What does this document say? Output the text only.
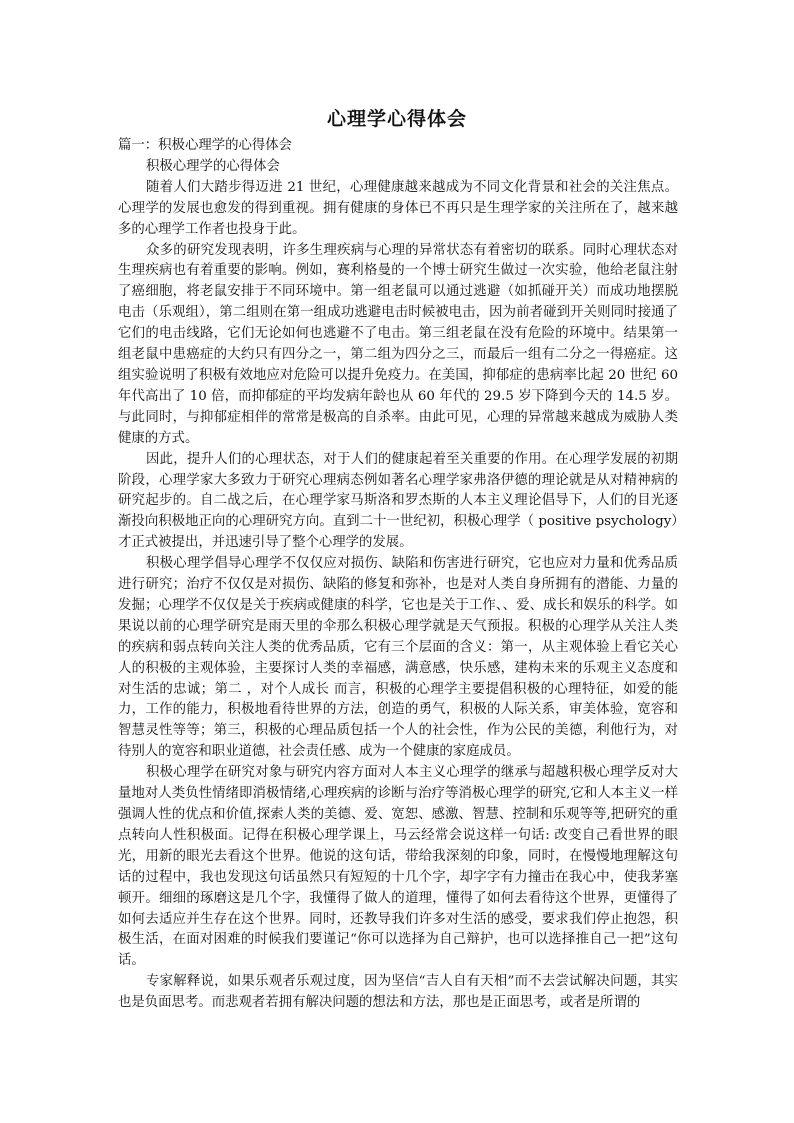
心理学心得体会

篇一：积极心理学的心得体会

积极心理学的心得体会

随着人们大踏步得迈进 21 世纪，心理健康越来越成为不同文化背景和社会的关注焦点。心理学的发展也愈发的得到重视。拥有健康的身体已不再只是生理学家的关注所在了，越来越多的心理学工作者也投身于此。

众多的研究发现表明，许多生理疾病与心理的异常状态有着密切的联系。同时心理状态对生理疾病也有着重要的影响。例如，赛利格曼的一个博士研究生做过一次实验，他给老鼠注射了癌细胞，将老鼠安排于不同环境中。第一组老鼠可以通过逃避（如抓碰开关）而成功地摆脱电击（乐观组），第二组则在第一组成功逃避电击时候被电击，因为前者碰到开关则同时接通了它们的电击线路，它们无论如何也逃避不了电击。第三组老鼠在没有危险的环境中。结果第一组老鼠中患癌症的大约只有四分之一，第二组为四分之三，而最后一组有二分之一得癌症。这组实验说明了积极有效地应对危险可以提升免疫力。在美国，抑郁症的患病率比起 20 世纪 60 年代高出了 10 倍，而抑郁症的平均发病年龄也从 60 年代的 29.5 岁下降到今天的 14.5 岁。与此同时，与抑郁症相伴的常常是极高的自杀率。由此可见，心理的异常越来越成为威胁人类健康的方式。

因此，提升人们的心理状态，对于人们的健康起着至关重要的作用。在心理学发展的初期阶段，心理学家大多致力于研究心理病态例如著名心理学家弗洛伊德的理论就是从对精神病的研究起步的。自二战之后，在心理学家马斯洛和罗杰斯的人本主义理论倡导下，人们的目光逐渐投向积极地正向的心理研究方向。直到二十一世纪初，积极心理学（ positive psychology）才正式被提出，并迅速引导了整个心理学的发展。

积极心理学倡导心理学不仅仅应对损伤、缺陷和伤害进行研究，它也应对力量和优秀品质进行研究；治疗不仅仅是对损伤、缺陷的修复和弥补，也是对人类自身所拥有的潜能、力量的发掘；心理学不仅仅是关于疾病或健康的科学，它也是关于工作、、爱、成长和娱乐的科学。如果说以前的心理学研究是雨天里的伞那么积极心理学就是天气预报。积极的心理学从关注人类的疾病和弱点转向关注人类的优秀品质，它有三个层面的含义：第一，从主观体验上看它关心人的积极的主观体验，主要探讨人类的幸福感，满意感，快乐感，建构未来的乐观主义态度和对生活的忠诚；第二 ，对个人成长 而言，积极的心理学主要提倡积极的心理特征，如爱的能力，工作的能力，积极地看待世界的方法，创造的勇气，积极的人际关系，审美体验，宽容和智慧灵性等等；第三，积极的心理品质包括一个人的社会性，作为公民的美德，利他行为，对待别人的宽容和职业道德，社会责任感、成为一个健康的家庭成员。

积极心理学在研究对象与研究内容方面对人本主义心理学的继承与超越积极心理学反对大量地对人类负性情绪即消极情绪,心理疾病的诊断与治疗等消极心理学的研究,它和人本主义一样强调人性的优点和价值,探索人类的美德、爱、宽恕、感激、智慧、控制和乐观等等,把研究的重点转向人性积极面。记得在积极心理学课上，马云经常会说这样一句话: 改变自己看世界的眼光，用新的眼光去看这个世界。他说的这句话，带给我深刻的印象，同时，在慢慢地理解这句话的过程中，我也发现这句话虽然只有短短的十几个字，却字字有力撞击在我心中，使我茅塞顿开。细细的琢磨这是几个字，我懂得了做人的道理，懂得了如何去看待这个世界，更懂得了如何去适应并生存在这个世界。同时，还教导我们许多对生活的感受，要求我们停止抱怨，积极生活，在面对困难的时候我们要谨记“你可以选择为自己辩护，也可以选择推自己一把”这句话。

专家解释说，如果乐观者乐观过度，因为坚信“吉人自有天相”而不去尝试解决问题，其实也是负面思考。而悲观者若拥有解决问题的想法和方法，那也是正面思考，或者是所谓的
